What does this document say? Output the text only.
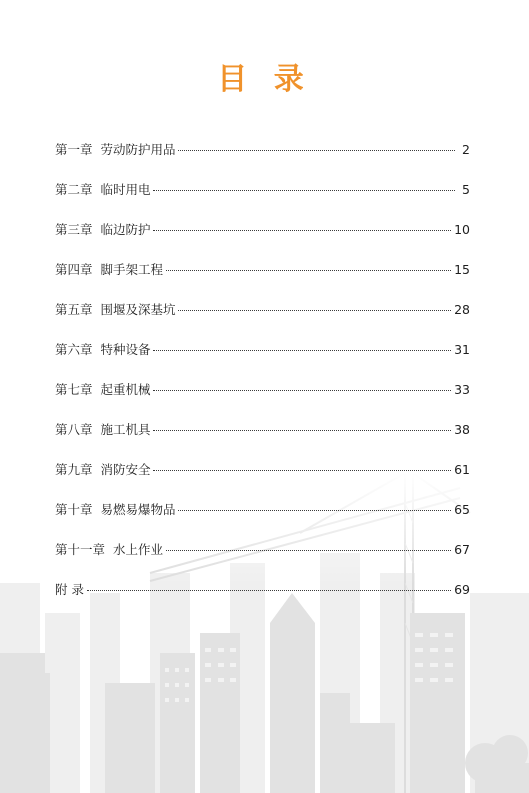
目 录
第一章  劳动防护用品	2
第二章  临时用电	5
第三章  临边防护	10
第四章  脚手架工程	15
第五章  围堰及深基坑	28
第六章  特种设备	31
第七章  起重机械	33
第八章  施工机具	38
第九章  消防安全	61
第十章  易燃易爆物品	65
第十一章  水上作业	67
附 录	69
